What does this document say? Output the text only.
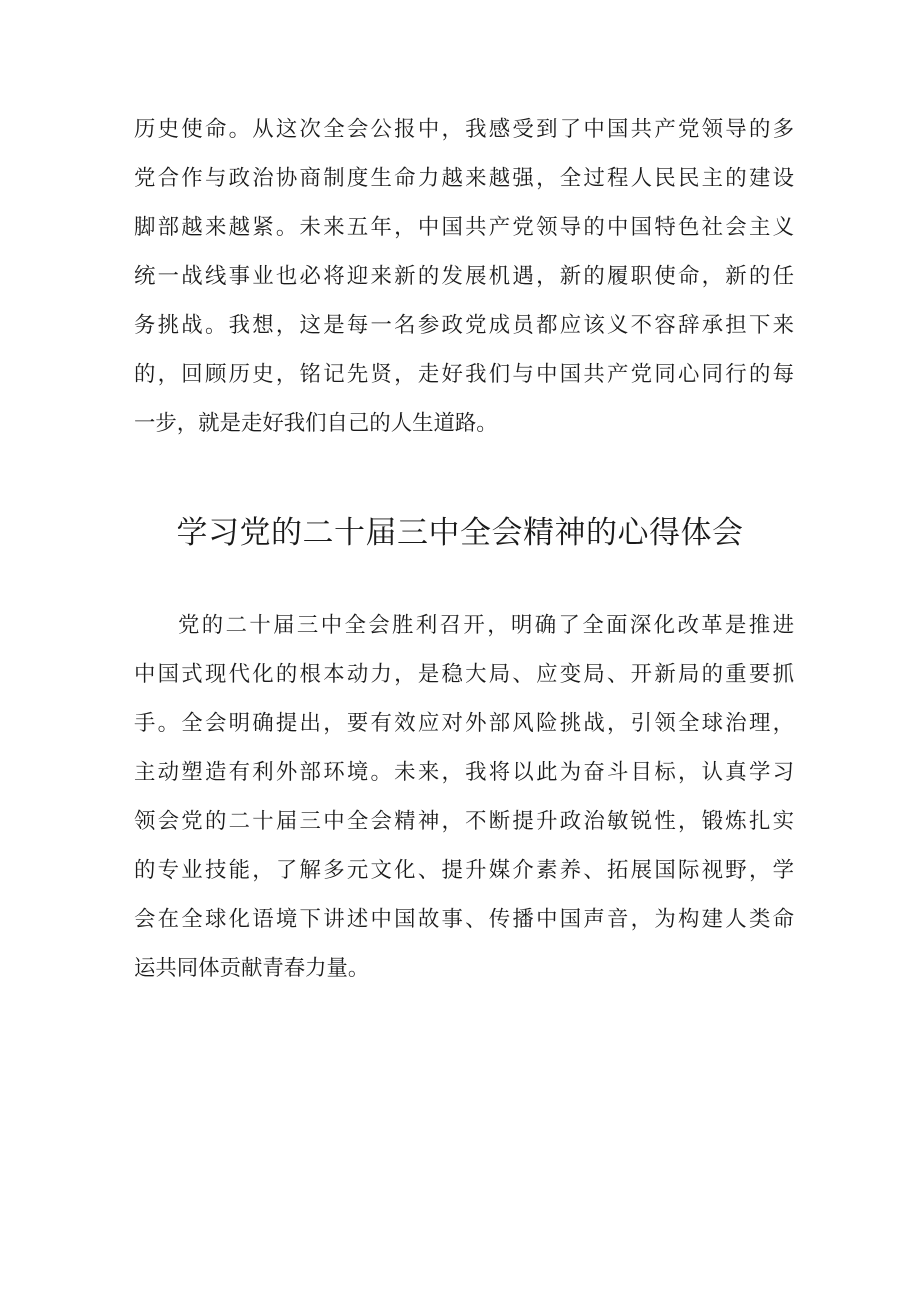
历史使命。从这次全会公报中，我感受到了中国共产党领导的多
党合作与政治协商制度生命力越来越强，全过程人民民主的建设
脚部越来越紧。未来五年，中国共产党领导的中国特色社会主义
统一战线事业也必将迎来新的发展机遇，新的履职使命，新的任
务挑战。我想，这是每一名参政党成员都应该义不容辞承担下来
的，回顾历史，铭记先贤，走好我们与中国共产党同心同行的每
一步，就是走好我们自己的人生道路。
学习党的二十届三中全会精神的心得体会
党的二十届三中全会胜利召开，明确了全面深化改革是推进
中国式现代化的根本动力，是稳大局、应变局、开新局的重要抓
手。全会明确提出，要有效应对外部风险挑战，引领全球治理，
主动塑造有利外部环境。未来，我将以此为奋斗目标，认真学习
领会党的二十届三中全会精神，不断提升政治敏锐性，锻炼扎实
的专业技能，了解多元文化、提升媒介素养、拓展国际视野，学
会在全球化语境下讲述中国故事、传播中国声音，为构建人类命
运共同体贡献青春力量。
